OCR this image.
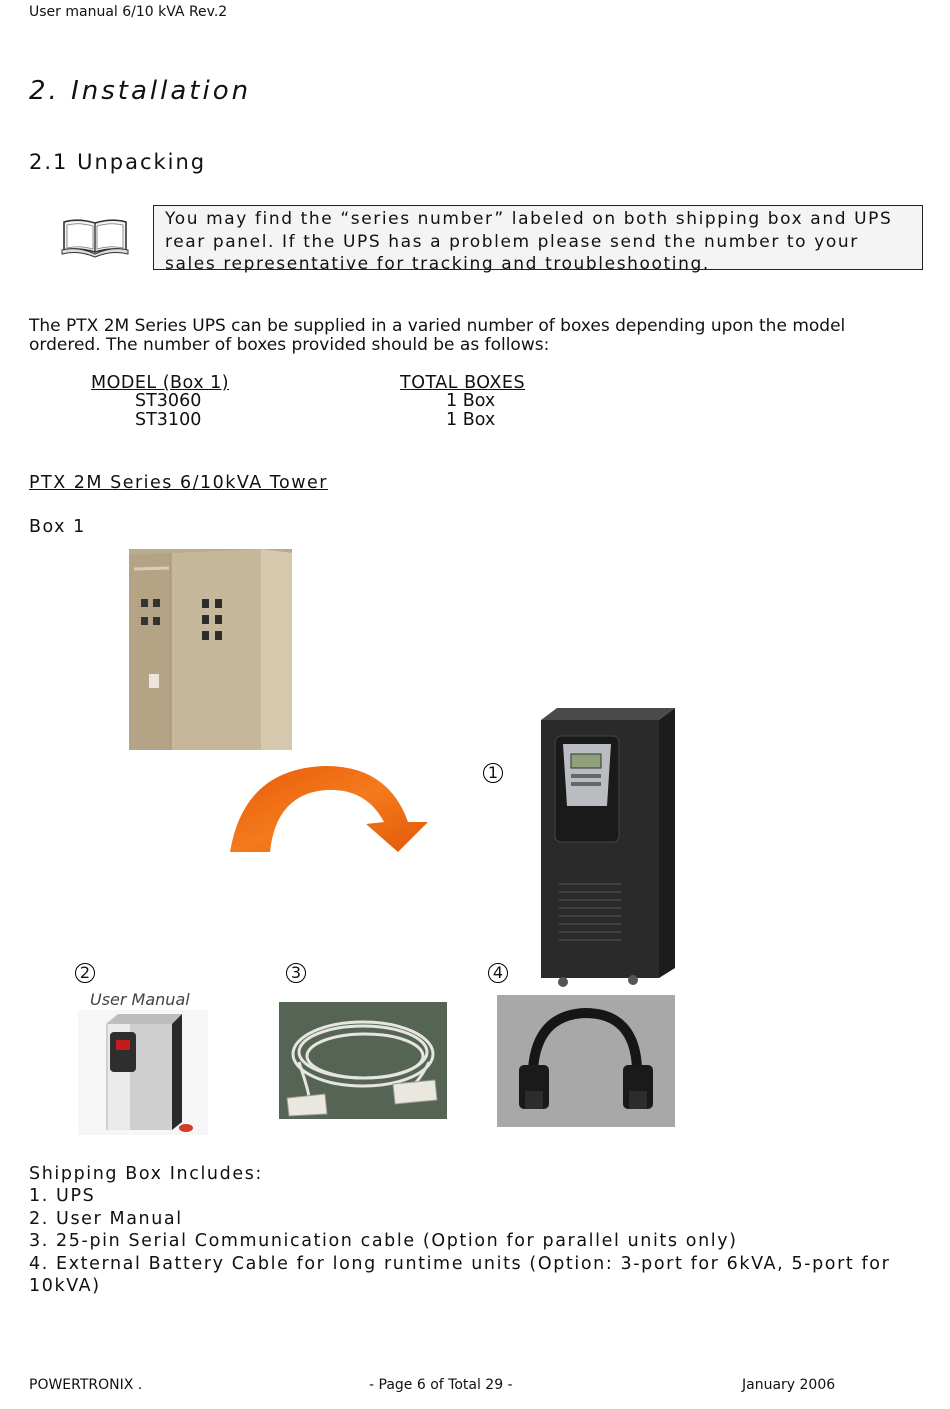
User manual 6/10 kVA Rev.2
2. Installation
2.1 Unpacking
You may find the “series number” labeled on both shipping box and UPS
rear panel. If the UPS has a problem please send the number to your
sales representative for tracking and troubleshooting.
The PTX 2M Series UPS can be supplied in a varied number of boxes depending upon the model
ordered. The number of boxes provided should be as follows:
MODEL (Box 1)	TOTAL BOXES
ST3060	1 Box
ST3100	1 Box
PTX 2M Series 6/10kVA Tower
Box 1
1
2	3	4
User Manual
Shipping Box Includes:
1. UPS
2. User Manual
3. 25-pin Serial Communication cable (Option for parallel units only)
4. External Battery Cable for long runtime units (Option: 3-port for 6kVA, 5-port for
10kVA)
POWERTRONIX .	- Page 6 of Total 29 -	January 2006
